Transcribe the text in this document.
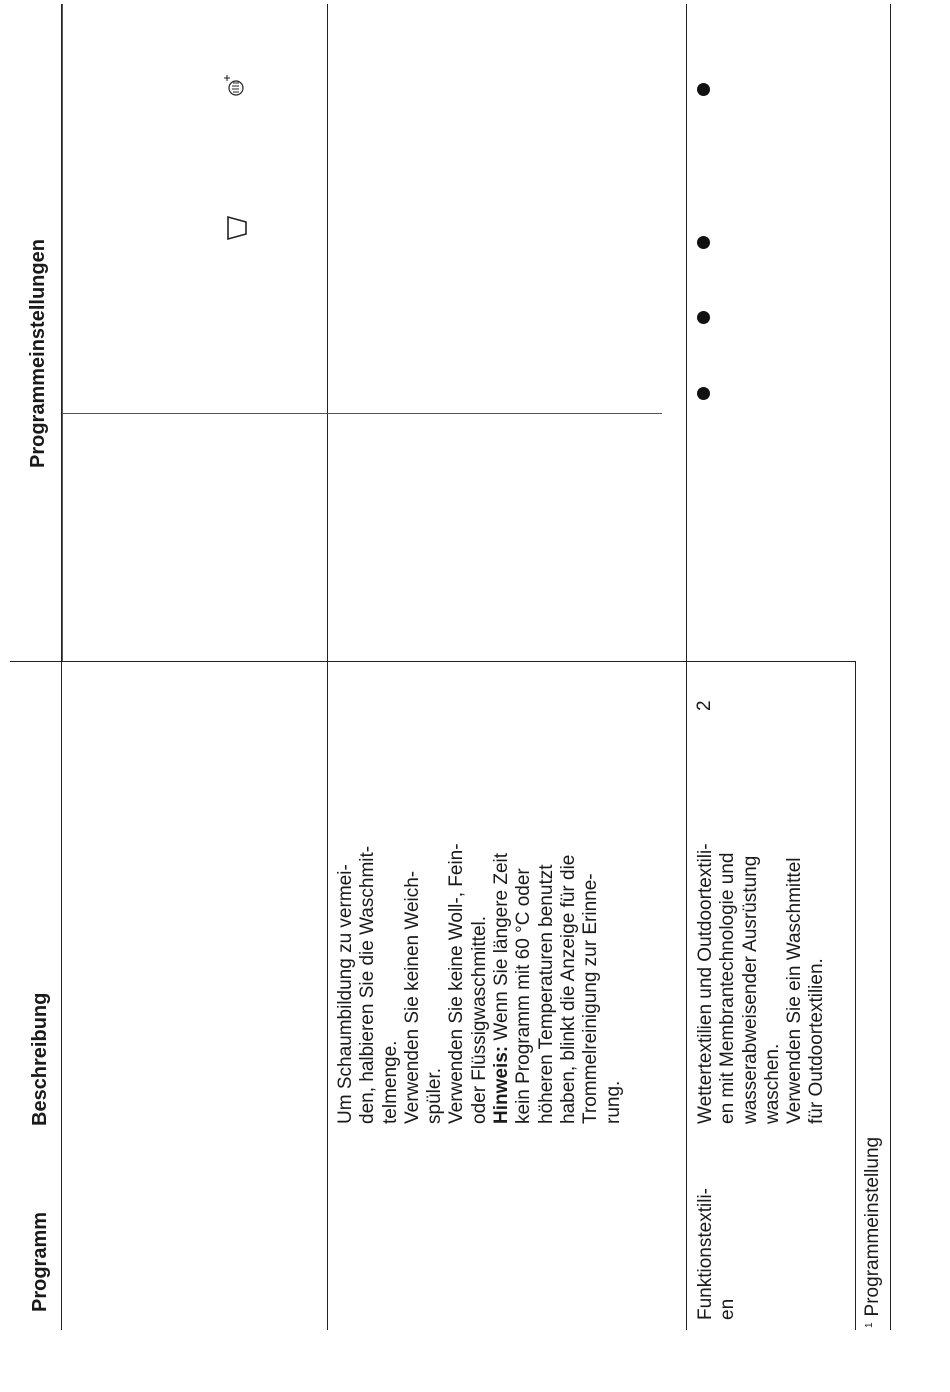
Programm
Beschreibung
Programmeinstellungen

Um Schaumbildung zu vermei- den, halbieren Sie die Waschmit- telmenge. Verwenden Sie keinen Weich- spüler. Verwenden Sie keine Woll-, Fein- oder Flüssigwaschmittel. Hinweis: Wenn Sie längere Zeit kein Programm mit 60 °C oder höheren Temperaturen benutzt haben, blinkt die Anzeige für die Trommelreinigung zur Erinne- rung.

Funktionstextili- en

Wettertextilien und Outdoortextili- en mit Membrantechnologie und wasserabweisender Ausrüstung waschen. Verwenden Sie ein Waschmittel für Outdoortextilien.

2
$^1$Programmeinstellung
